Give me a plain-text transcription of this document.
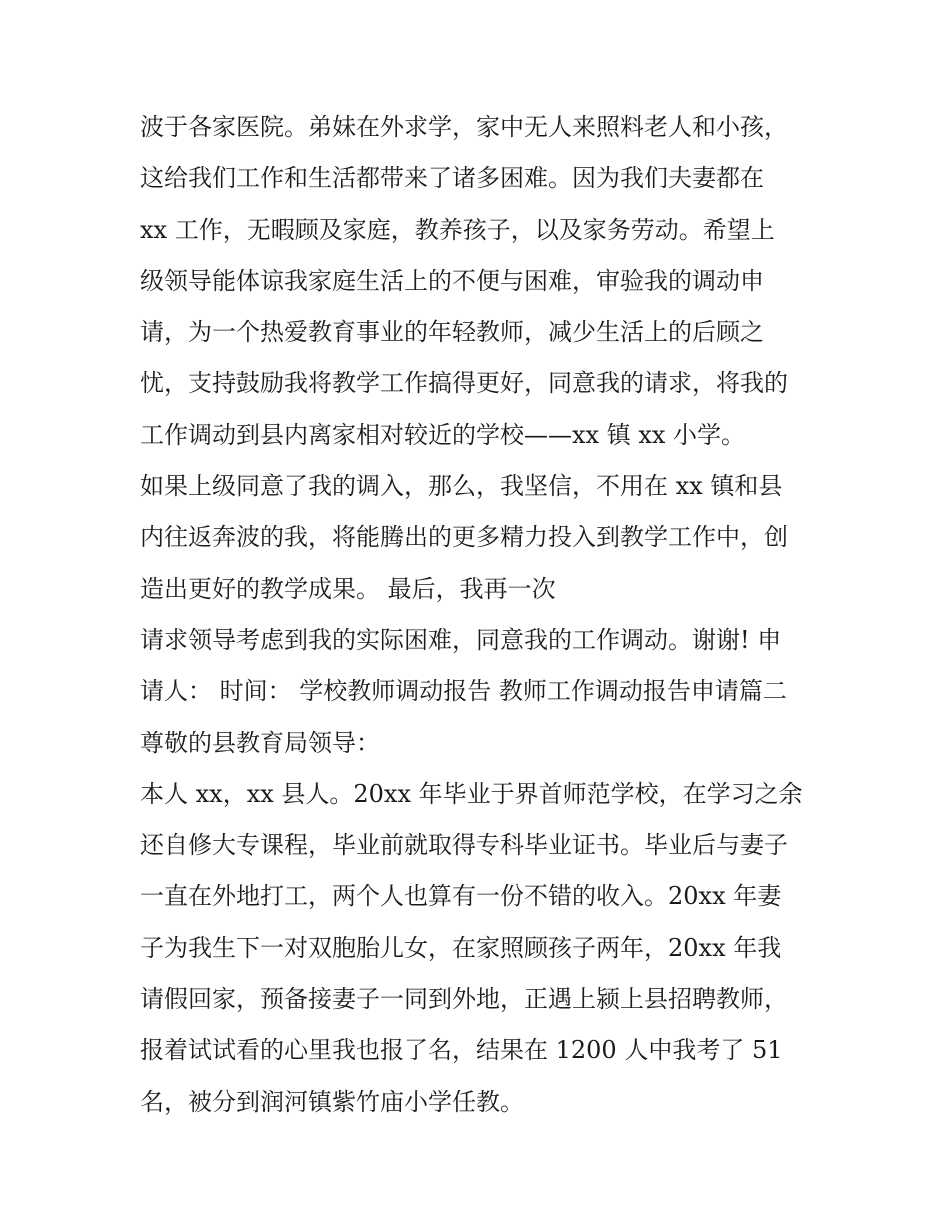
波于各家医院。弟妹在外求学，家中无人来照料老人和小孩，
这给我们工作和生活都带来了诸多困难。因为我们夫妻都在
xx 工作，无暇顾及家庭，教养孩子，以及家务劳动。希望上
级领导能体谅我家庭生活上的不便与困难，审验我的调动申
请，为一个热爱教育事业的年轻教师，减少生活上的后顾之
忧，支持鼓励我将教学工作搞得更好，同意我的请求，将我的
工作调动到县内离家相对较近的学校——xx 镇 xx 小学。
如果上级同意了我的调入，那么，我坚信，不用在 xx 镇和县
内往返奔波的我，将能腾出的更多精力投入到教学工作中，创
造出更好的教学成果。 最后，我再一次
请求领导考虑到我的实际困难，同意我的工作调动。谢谢! 申
请人： 时间： 学校教师调动报告 教师工作调动报告申请篇二
尊敬的县教育局领导：
本人 xx，xx 县人。20xx 年毕业于界首师范学校，在学习之余
还自修大专课程，毕业前就取得专科毕业证书。毕业后与妻子
一直在外地打工，两个人也算有一份不错的收入。20xx 年妻
子为我生下一对双胞胎儿女，在家照顾孩子两年，20xx 年我
请假回家，预备接妻子一同到外地，正遇上颍上县招聘教师，
报着试试看的心里我也报了名，结果在 1200 人中我考了 51
名，被分到润河镇紫竹庙小学任教。
